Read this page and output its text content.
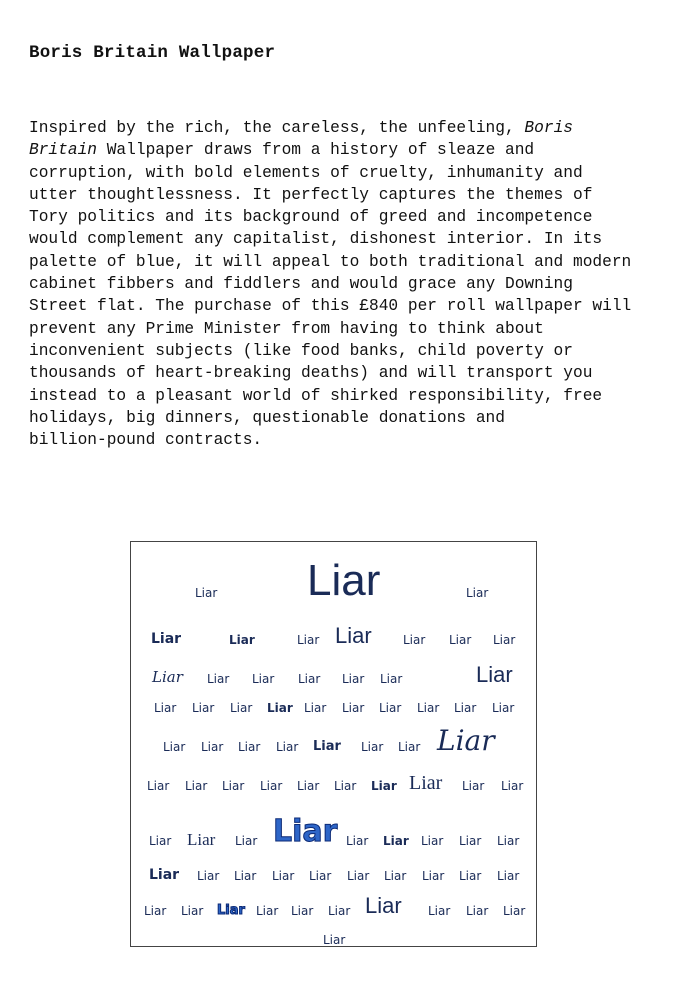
Boris Britain Wallpaper

Inspired by the rich, the careless, the unfeeling, Boris
Britain Wallpaper draws from a history of sleaze and
corruption, with bold elements of cruelty, inhumanity and
utter thoughtlessness. It perfectly captures the themes of
Tory politics and its background of greed and incompetence
would complement any capitalist, dishonest interior. In its
palette of blue, it will appeal to both traditional and modern
cabinet fibbers and fiddlers and would grace any Downing
Street flat. The purchase of this £840 per roll wallpaper will
prevent any Prime Minister from having to think about
inconvenient subjects (like food banks, child poverty or
thousands of heart-breaking deaths) and will transport you
instead to a pleasant world of shirked responsibility, free
holidays, big dinners, questionable donations and
billion-pound contracts.

Liar Liar	Liar
Liar	Liar	Liar Liar	Liar Liar Liar
Liar Liar Liar Liar Liar Liar	Liar
Liar Liar Liar Liar Liar Liar Liar Liar Liar Liar
Liar Liar Liar Liar Liar Liar Liar Liar
Liar Liar Liar Liar Liar Liar Liar Liar Liar Liar
Liar Liar Liar Liar Liar Liar Liar Liar Liar
Liar Liar Liar Liar Liar Liar Liar Liar Liar Liar
Liar Liar Liar Liar Liar Liar Liar Liar Liar Liar
Liar
